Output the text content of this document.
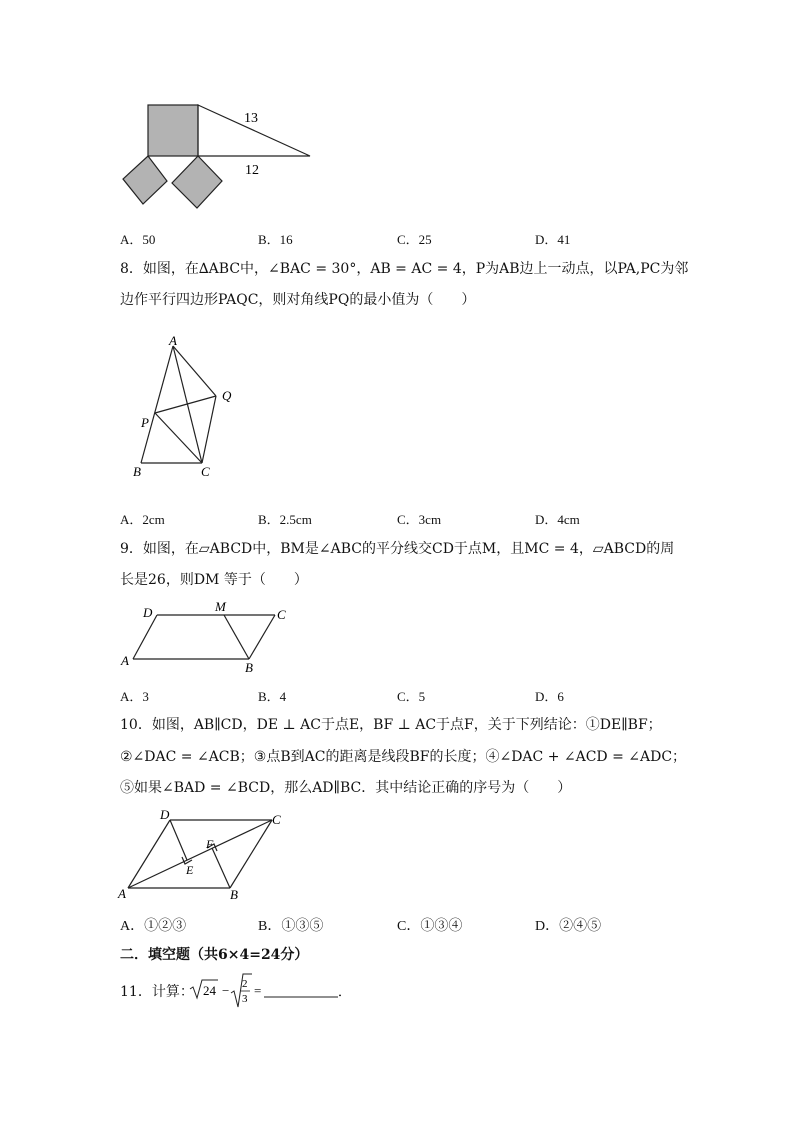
13
12
A．50	B．16	C．25	D．41
8．如图，在∆ABC中，∠BAC = 30°，AB = AC = 4，P为AB边上一动点，以PA,PC为邻
边作平行四边形PAQC，则对角线PQ的最小值为（　　）
A
Q
P
B	C
A．2cm	B．2.5cm	C．3cm	D．4cm
9．如图，在▱ABCD中，BM是∠ABC的平分线交CD于点M，且MC = 4，▱ABCD的周
长是26，则DM 等于（　　）
D	M
C
A	B
A．3	B．4	C．5	D．6
10．如图，AB∥CD，DE ⊥ AC于点E，BF ⊥ AC于点F，关于下列结论：①DE∥BF；
②∠DAC = ∠ACB；③点B到AC的距离是线段BF的长度；④∠DAC + ∠ACD = ∠ADC；
⑤如果∠BAD = ∠BCD，那么AD∥BC．其中结论正确的序号为（　　）
D	C
F
E
A	B
A．①②③	B．①③⑤	C．①③④	D．②④⑤
二．填空题（共6×4=24分）
11．计算： 24 − 2
3
=	．
